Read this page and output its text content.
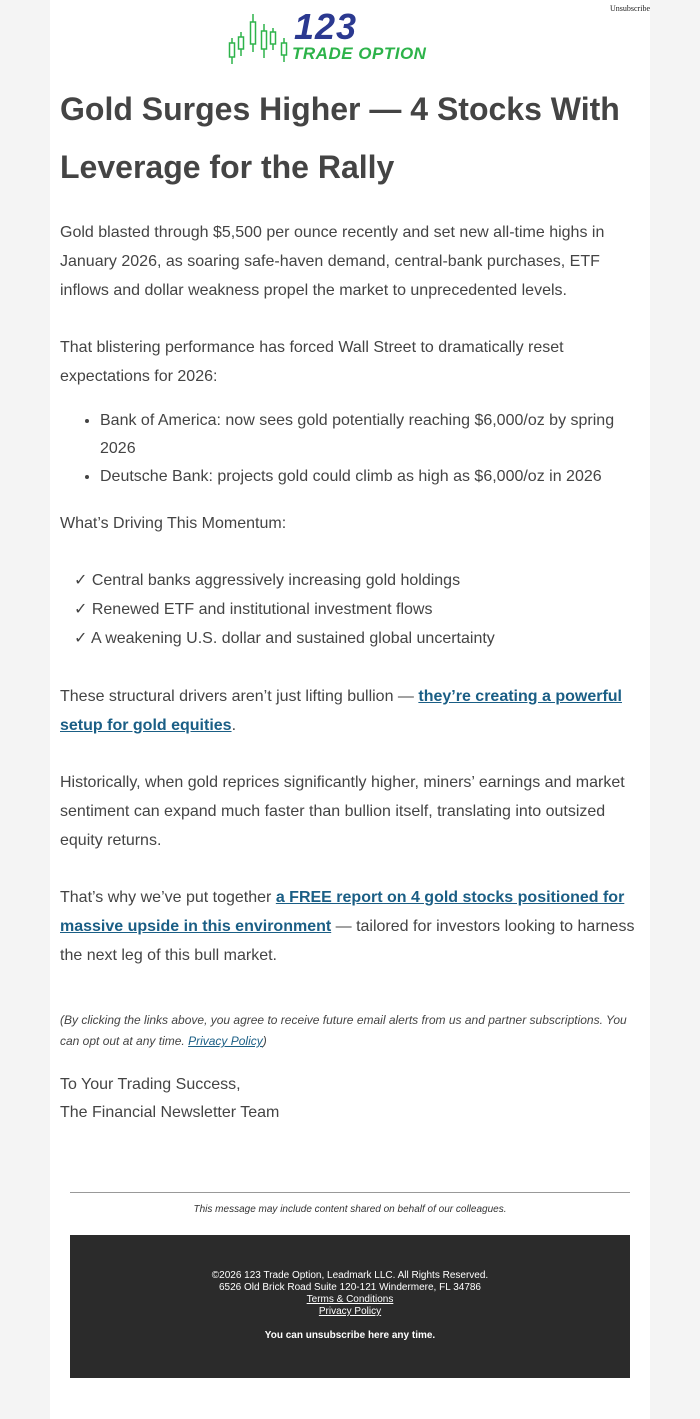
Unsubscribe
123
TRADE OPTION
Gold Surges Higher — 4 Stocks With Leverage for the Rally

Gold blasted through $5,500 per ounce recently and set new all-time highs in January 2026, as soaring safe-haven demand, central-bank purchases, ETF inflows and dollar weakness propel the market to unprecedented levels.

That blistering performance has forced Wall Street to dramatically reset expectations for 2026:

• Bank of America: now sees gold potentially reaching $6,000/oz by spring 2026
• Deutsche Bank: projects gold could climb as high as $6,000/oz in 2026

What’s Driving This Momentum:

✓ Central banks aggressively increasing gold holdings
✓ Renewed ETF and institutional investment flows
✓ A weakening U.S. dollar and sustained global uncertainty

These structural drivers aren’t just lifting bullion — they’re creating a powerful setup for gold equities.

Historically, when gold reprices significantly higher, miners’ earnings and market sentiment can expand much faster than bullion itself, translating into outsized equity returns.

That’s why we’ve put together a FREE report on 4 gold stocks positioned for massive upside in this environment — tailored for investors looking to harness the next leg of this bull market.

(By clicking the links above, you agree to receive future email alerts from us and partner subscriptions. You can opt out at any time. Privacy Policy)

To Your Trading Success,
The Financial Newsletter Team
This message may include content shared on behalf of our colleagues.
©2026 123 Trade Option, Leadmark LLC. All Rights Reserved.
6526 Old Brick Road Suite 120-121 Windermere, FL 34786
Terms & Conditions
Privacy Policy
You can unsubscribe here any time.
